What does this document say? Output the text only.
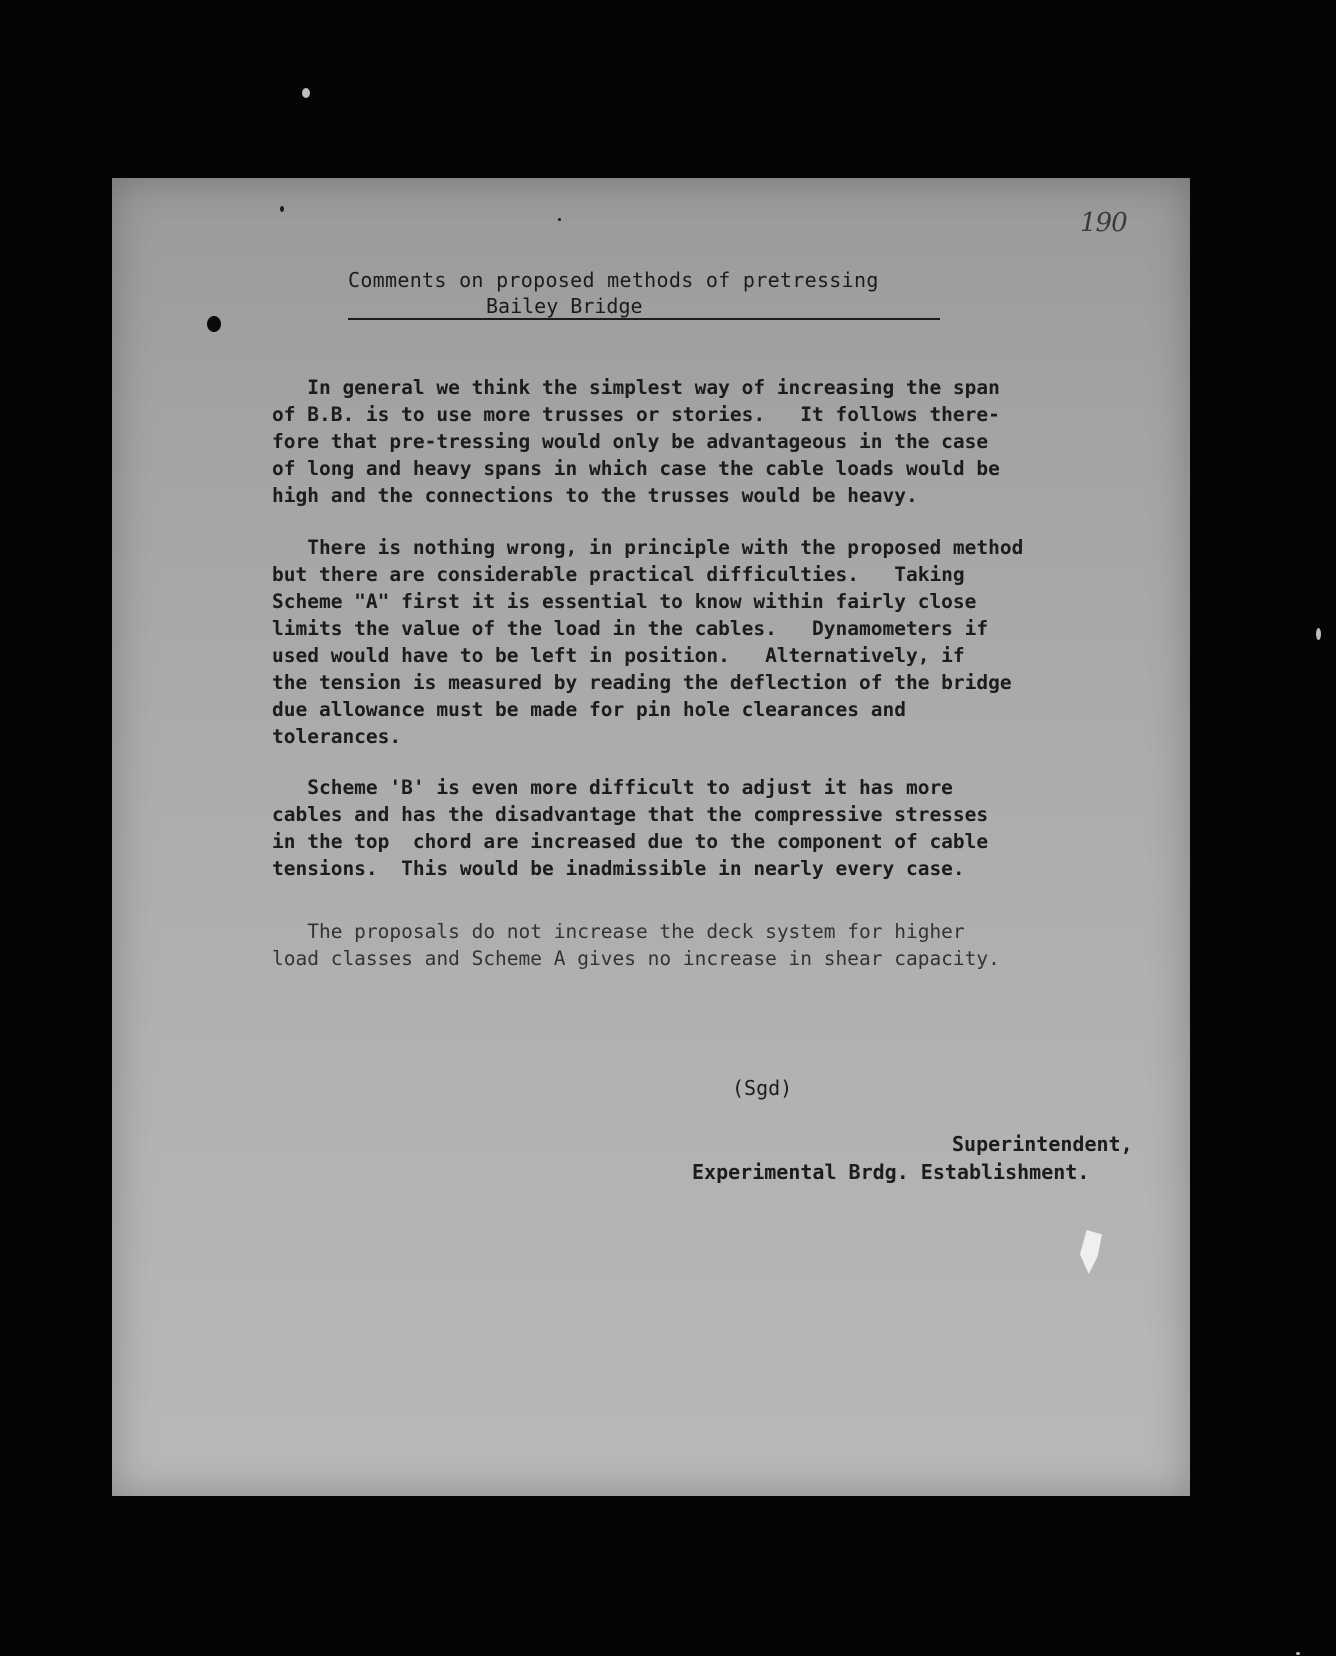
190
Comments on proposed methods of pretressing
Bailey Bridge
In general we think the simplest way of increasing the span
of B.B. is to use more trusses or stories.   It follows there-
fore that pre-tressing would only be advantageous in the case
of long and heavy spans in which case the cable loads would be
high and the connections to the trusses would be heavy.
There is nothing wrong, in principle with the proposed method
but there are considerable practical difficulties.   Taking
Scheme "A" first it is essential to know within fairly close
limits the value of the load in the cables.   Dynamometers if
used would have to be left in position.   Alternatively, if
the tension is measured by reading the deflection of the bridge
due allowance must be made for pin hole clearances and
tolerances.
Scheme 'B' is even more difficult to adjust it has more
cables and has the disadvantage that the compressive stresses
in the top  chord are increased due to the component of cable
tensions.  This would be inadmissible in nearly every case.
The proposals do not increase the deck system for higher
load classes and Scheme A gives no increase in shear capacity.
(Sgd)
Superintendent,
Experimental Brdg. Establishment.
